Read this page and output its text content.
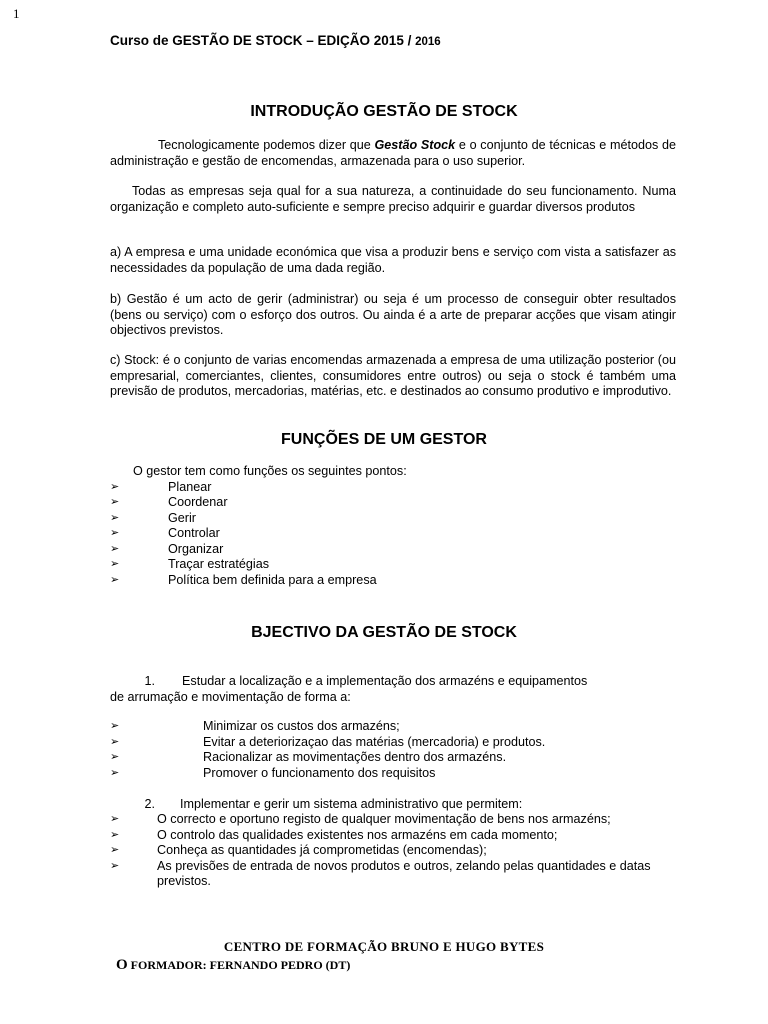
1
Curso de GESTÃO DE STOCK – EDIÇÃO 2015 / 2016
INTRODUÇÃO GESTÃO DE STOCK
Tecnologicamente podemos dizer que Gestão Stock e o conjunto de técnicas e métodos de administração e gestão de encomendas, armazenada para o uso superior.
Todas as empresas seja qual for a sua natureza, a continuidade do seu funcionamento. Numa organização e completo auto-suficiente e sempre preciso adquirir e guardar diversos produtos
a) A empresa e uma unidade económica que visa a produzir bens e serviço com vista a satisfazer as necessidades da população de uma dada região.
b) Gestão é um acto de gerir (administrar) ou seja é um processo de conseguir obter resultados (bens ou serviço) com o esforço dos outros. Ou ainda é a arte de preparar acções que visam atingir objectivos previstos.
c) Stock: é o conjunto de varias encomendas armazenada a empresa de uma utilização posterior (ou empresarial, comerciantes, clientes, consumidores entre outros) ou seja o stock é também uma previsão de produtos, mercadorias, matérias, etc. e destinados ao consumo produtivo e improdutivo.
FUNÇÕES DE UM GESTOR
O gestor tem como funções os seguintes pontos:
➢	Planear
➢	Coordenar
➢	Gerir
➢	Controlar
➢	Organizar
➢	Traçar estratégias
➢	Política bem definida para a empresa
BJECTIVO DA GESTÃO DE STOCK
1.	Estudar a localização e a implementação dos armazéns e equipamentos
de arrumação e movimentação de forma a:
➢	Minimizar os custos dos armazéns;
➢	Evitar a deteriorizaçao das matérias (mercadoria) e produtos.
➢	Racionalizar as movimentações dentro dos armazéns.
➢	Promover o funcionamento dos requisitos
2.	Implementar e gerir um sistema administrativo que permitem:
➢	O correcto e oportuno registo de qualquer movimentação de bens nos armazéns;
➢	O controlo das qualidades existentes nos armazéns em cada momento;
➢	Conheça as quantidades já comprometidas (encomendas);
➢	As previsões de entrada de novos produtos e outros, zelando pelas quantidades e datas previstos.
CENTRO DE FORMAÇÃO BRUNO E HUGO BYTES
O FORMADOR: FERNANDO PEDRO (DT)
